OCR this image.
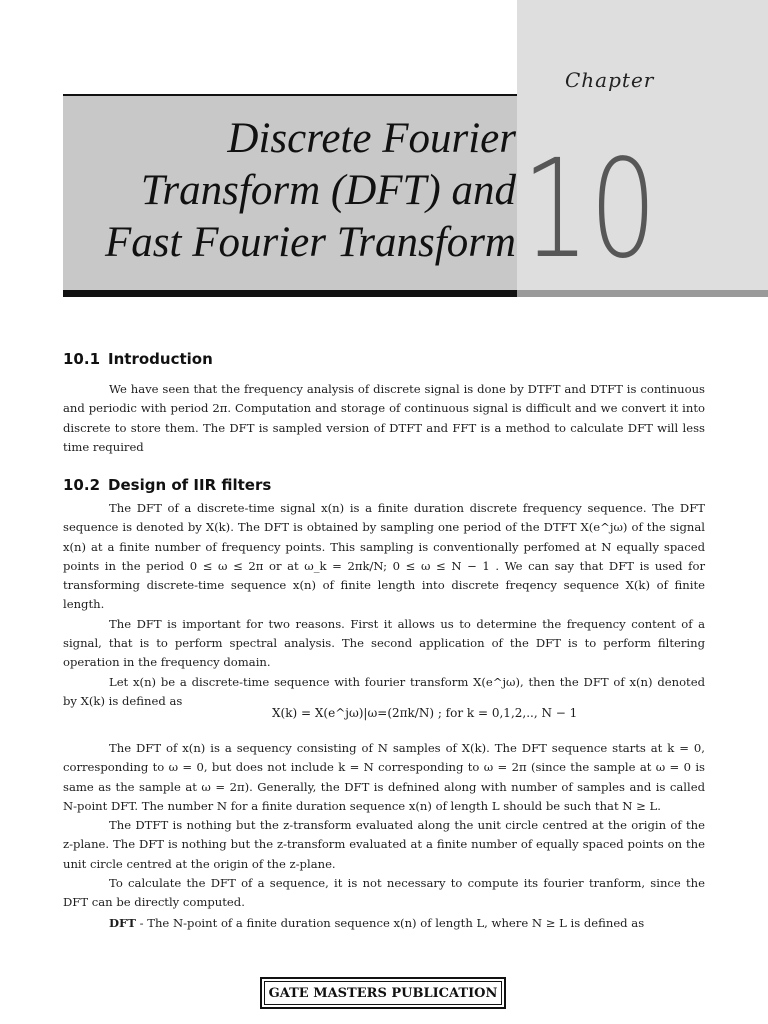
Chapter
10
Discrete Fourier
Transform (DFT) and
Fast Fourier Transform
10.1 Introduction

We have seen that the frequency analysis of discrete signal is done by DTFT and DTFT is continuous and periodic with period 2π. Computation and storage of continuous signal is difficult and we convert it into discrete to store them. The DFT is sampled version of DTFT and FFT is a method to calculate DFT will less time required

10.2 Design of IIR filters

The DFT of a discrete-time signal x(n) is a finite duration discrete frequency sequence. The DFT sequence is denoted by X(k). The DFT is obtained by sampling one period of the DTFT X(e^jω) of the signal x(n) at a finite number of frequency points. This sampling is conventionally perfomed at N equally spaced points in the period 0 ≤ ω ≤ 2π or at ω_k = 2πk/N; 0 ≤ ω ≤ N − 1 . We can say that DFT is used for transforming discrete-time sequence x(n) of finite length into discrete freqency sequence X(k) of finite length.

The DFT is important for two reasons. First it allows us to determine the frequency content of a signal, that is to perform spectral analysis. The second application of the DFT is to perform filtering operation in the frequency domain.

Let x(n) be a discrete-time sequence with fourier transform X(e^jω), then the DFT of x(n) denoted by X(k) is defined as

X(k) = X(e^jω)|ω=(2πk/N) ; for k = 0,1,2,.., N − 1

The DFT of x(n) is a sequency consisting of N samples of X(k). The DFT sequence starts at k = 0, corresponding to ω = 0, but does not include k = N corresponding to ω = 2π (since the sample at ω = 0 is same as the sample at ω = 2π). Generally, the DFT is defnined along with number of samples and is called N-point DFT. The number N for a finite duration sequence x(n) of length L should be such that N ≥ L.

The DTFT is nothing but the z-transform evaluated along the unit circle centred at the origin of the z-plane. The DFT is nothing but the z-transform evaluated at a finite number of equally spaced points on the unit circle centred at the origin of the z-plane.

To calculate the DFT of a sequence, it is not necessary to compute its fourier tranform, since the DFT can be directly computed.

DFT - The N-point of a finite duration sequence x(n) of length L, where N ≥ L is defined as
GATE MASTERS PUBLICATION
